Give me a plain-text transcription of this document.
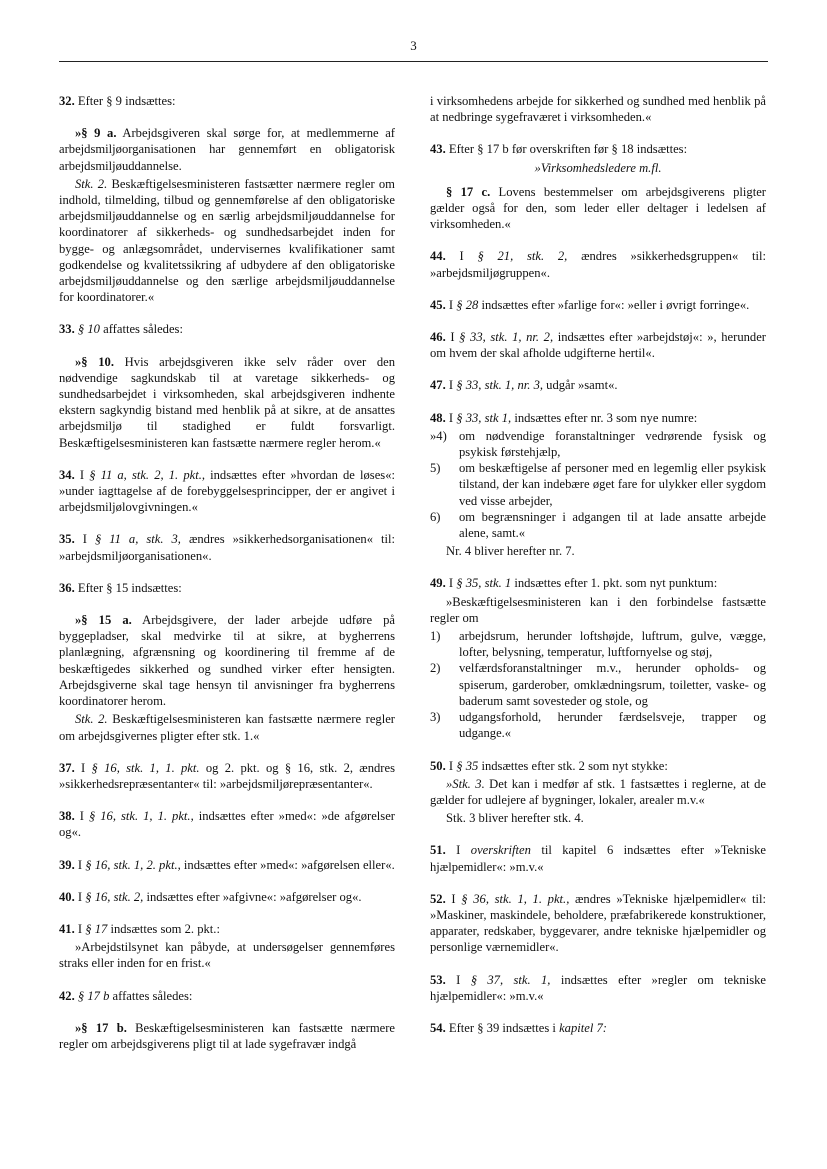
3

32. Efter § 9 indsættes:

»§ 9 a. Arbejdsgiveren skal sørge for, at medlemmerne af arbejdsmiljøorganisationen har gennemført en obligatorisk arbejdsmiljøuddannelse.

Stk. 2. Beskæftigelsesministeren fastsætter nærmere regler om indhold, tilmelding, tilbud og gennemførelse af den obligatoriske arbejdsmiljøuddannelse og en særlig arbejdsmiljøuddannelse for koordinatorer af sikkerheds- og sundhedsarbejdet inden for bygge- og anlægsområdet, undervisernes kvalifikationer samt godkendelse og kvalitetssikring af udbydere af den obligatoriske arbejdsmiljøuddannelse og den særlige arbejdsmiljøuddannelse for koordinatorer.«

33. § 10 affattes således:

»§ 10. Hvis arbejdsgiveren ikke selv råder over den nødvendige sagkundskab til at varetage sikkerheds- og sundhedsarbejdet i virksomheden, skal arbejdsgiveren indhente ekstern sagkyndig bistand med henblik på at sikre, at de ansattes arbejdsmiljø til stadighed er fuldt forsvarligt. Beskæftigelsesministeren kan fastsætte nærmere regler herom.«

34. I § 11 a, stk. 2, 1. pkt., indsættes efter »hvordan de løses«: »under iagttagelse af de forebyggelsesprincipper, der er angivet i arbejdsmiljølovgivningen.«

35. I § 11 a, stk. 3, ændres »sikkerhedsorganisationen« til: »arbejdsmiljøorganisationen«.

36. Efter § 15 indsættes:

»§ 15 a. Arbejdsgivere, der lader arbejde udføre på byggepladser, skal medvirke til at sikre, at bygherrens planlægning, afgrænsning og koordinering til fremme af de beskæftigedes sikkerhed og sundhed virker efter hensigten. Arbejdsgiverne skal tage hensyn til anvisninger fra bygherrens koordinatorer herom.

Stk. 2. Beskæftigelsesministeren kan fastsætte nærmere regler om arbejdsgivernes pligter efter stk. 1.«

37. I § 16, stk. 1, 1. pkt. og 2. pkt. og § 16, stk. 2, ændres »sikkerhedsrepræsentanter« til: »arbejdsmiljørepræsentanter«.

38. I § 16, stk. 1, 1. pkt., indsættes efter »med«: »de afgørelser og«.

39. I § 16, stk. 1, 2. pkt., indsættes efter »med«: »afgørelsen eller«.

40. I § 16, stk. 2, indsættes efter »afgivne«: »afgørelser og«.

41. I § 17 indsættes som 2. pkt.:

»Arbejdstilsynet kan påbyde, at undersøgelser gennemføres straks eller inden for en frist.«

42. § 17 b affattes således:

»§ 17 b. Beskæftigelsesministeren kan fastsætte nærmere regler om arbejdsgiverens pligt til at lade sygefravær indgå

i virksomhedens arbejde for sikkerhed og sundhed med henblik på at nedbringe sygefraværet i virksomheden.«

43. Efter § 17 b før overskriften før § 18 indsættes:

»Virksomhedsledere m.fl.

§ 17 c. Lovens bestemmelser om arbejdsgiverens pligter gælder også for den, som leder eller deltager i ledelsen af virksomheden.«

44. I § 21, stk. 2, ændres »sikkerhedsgruppen« til: »arbejdsmiljøgruppen«.

45. I § 28 indsættes efter »farlige for«: »eller i øvrigt forringe«.

46. I § 33, stk. 1, nr. 2, indsættes efter »arbejdstøj«: », herunder om hvem der skal afholde udgifterne hertil«.

47. I § 33, stk. 1, nr. 3, udgår »samt«.

48. I § 33, stk 1, indsættes efter nr. 3 som nye numre:

»4) om nødvendige foranstaltninger vedrørende fysisk og psykisk førstehjælp,
5)	om beskæftigelse af personer med en legemlig eller psykisk tilstand, der kan indebære øget fare for ulykker eller sygdom ved visse arbejder,
6)	om begrænsninger i adgangen til at lade ansatte arbejde alene, samt.«

Nr. 4 bliver herefter nr. 7.

49. I § 35, stk. 1 indsættes efter 1. pkt. som nyt punktum:

»Beskæftigelsesministeren kan i den forbindelse fastsætte regler om

1)	arbejdsrum, herunder loftshøjde, luftrum, gulve, vægge, lofter, belysning, temperatur, luftfornyelse og støj,
2)	velfærdsforanstaltninger m.v., herunder opholds- og spiserum, garderober, omklædningsrum, toiletter, vaske- og baderum samt sovesteder og stole, og
3)	udgangsforhold, herunder færdselsveje, trapper og udgange.«

50. I § 35 indsættes efter stk. 2 som nyt stykke:

»Stk. 3. Det kan i medfør af stk. 1 fastsættes i reglerne, at de gælder for udlejere af bygninger, lokaler, arealer m.v.«

Stk. 3 bliver herefter stk. 4.

51. I overskriften til kapitel 6 indsættes efter »Tekniske hjælpemidler«: »m.v.«

52. I § 36, stk. 1, 1. pkt., ændres »Tekniske hjælpemidler« til: »Maskiner, maskindele, beholdere, præfabrikerede konstruktioner, apparater, redskaber, byggevarer, andre tekniske hjælpemidler og personlige værnemidler«.

53. I § 37, stk. 1, indsættes efter »regler om tekniske hjælpemidler«: »m.v.«

54. Efter § 39 indsættes i kapitel 7:
